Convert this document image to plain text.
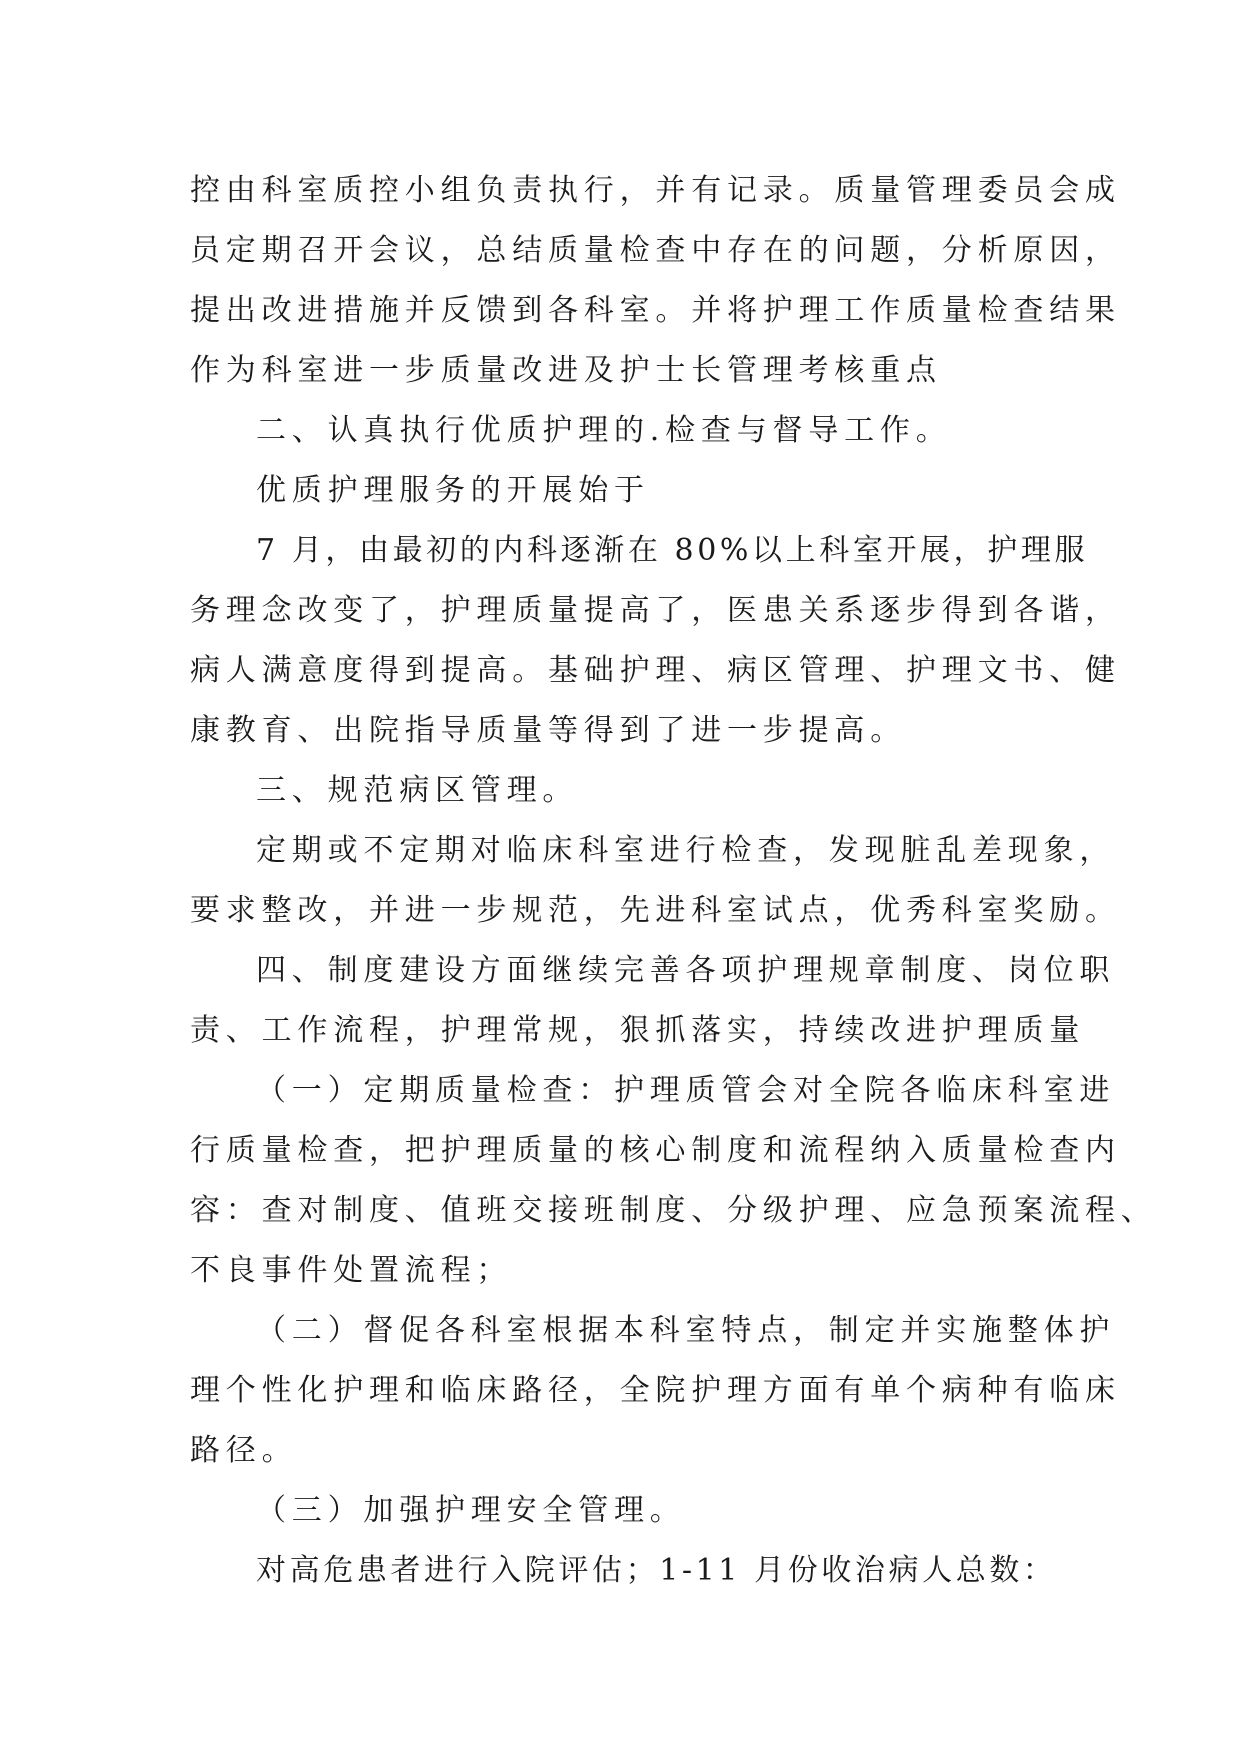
控由科室质控小组负责执行，并有记录。质量管理委员会成

员定期召开会议，总结质量检查中存在的问题，分析原因，

提出改进措施并反馈到各科室。并将护理工作质量检查结果

作为科室进一步质量改进及护士长管理考核重点

二、认真执行优质护理的.检查与督导工作。

优质护理服务的开展始于

7 月，由最初的内科逐渐在 80%以上科室开展，护理服

务理念改变了，护理质量提高了，医患关系逐步得到各谐，

病人满意度得到提高。基础护理、病区管理、护理文书、健

康教育、出院指导质量等得到了进一步提高。

三、规范病区管理。

定期或不定期对临床科室进行检查，发现脏乱差现象，

要求整改，并进一步规范，先进科室试点，优秀科室奖励。

四、制度建设方面继续完善各项护理规章制度、岗位职

责、工作流程，护理常规，狠抓落实，持续改进护理质量

（一）定期质量检查：护理质管会对全院各临床科室进

行质量检查，把护理质量的核心制度和流程纳入质量检查内

容：查对制度、值班交接班制度、分级护理、应急预案流程、

不良事件处置流程；

（二）督促各科室根据本科室特点，制定并实施整体护

理个性化护理和临床路径，全院护理方面有单个病种有临床

路径。

（三）加强护理安全管理。

对高危患者进行入院评估；1-11 月份收治病人总数：
